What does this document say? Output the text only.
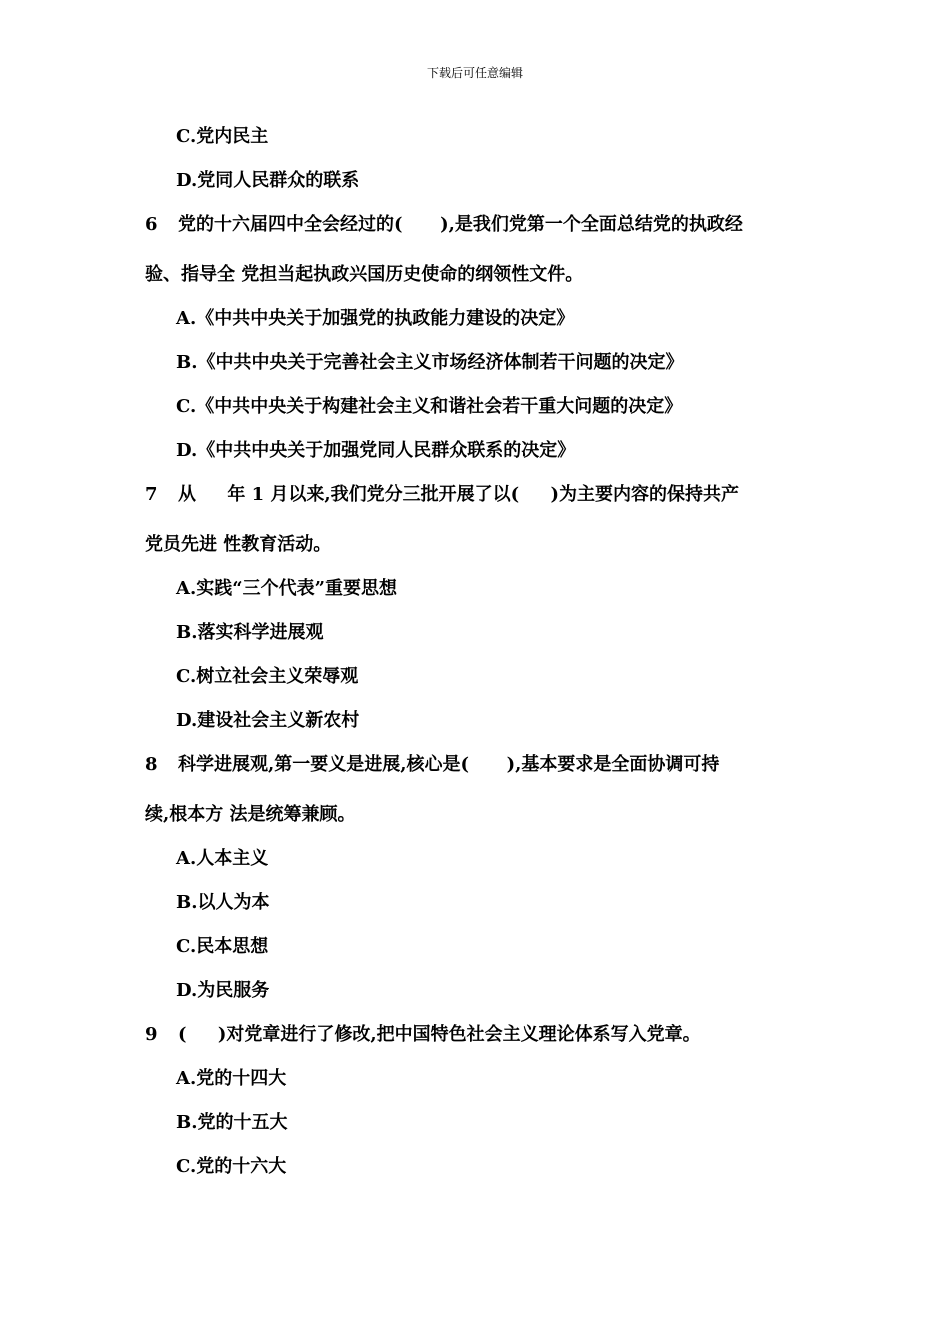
下载后可任意编辑
C.党内民主
D.党同人民群众的联系
6 党的十六届四中全会经过的(      ),是我们党第一个全面总结党的执政经
验、指导全 党担当起执政兴国历史使命的纲领性文件。
A.《中共中央关于加强党的执政能力建设的决定》
B.《中共中央关于完善社会主义市场经济体制若干问题的决定》
C.《中共中央关于构建社会主义和谐社会若干重大问题的决定》
D.《中共中央关于加强党同人民群众联系的决定》
7 从     年 1 月以来,我们党分三批开展了以(     )为主要内容的保持共产
党员先进 性教育活动。
A.实践“三个代表”重要思想
B.落实科学进展观
C.树立社会主义荣辱观
D.建设社会主义新农村
8 科学进展观,第一要义是进展,核心是(      ),基本要求是全面协调可持
续,根本方 法是统筹兼顾。
A.人本主义
B.以人为本
C.民本思想
D.为民服务
9 (     )对党章进行了修改,把中国特色社会主义理论体系写入党章。
A.党的十四大
B.党的十五大
C.党的十六大
